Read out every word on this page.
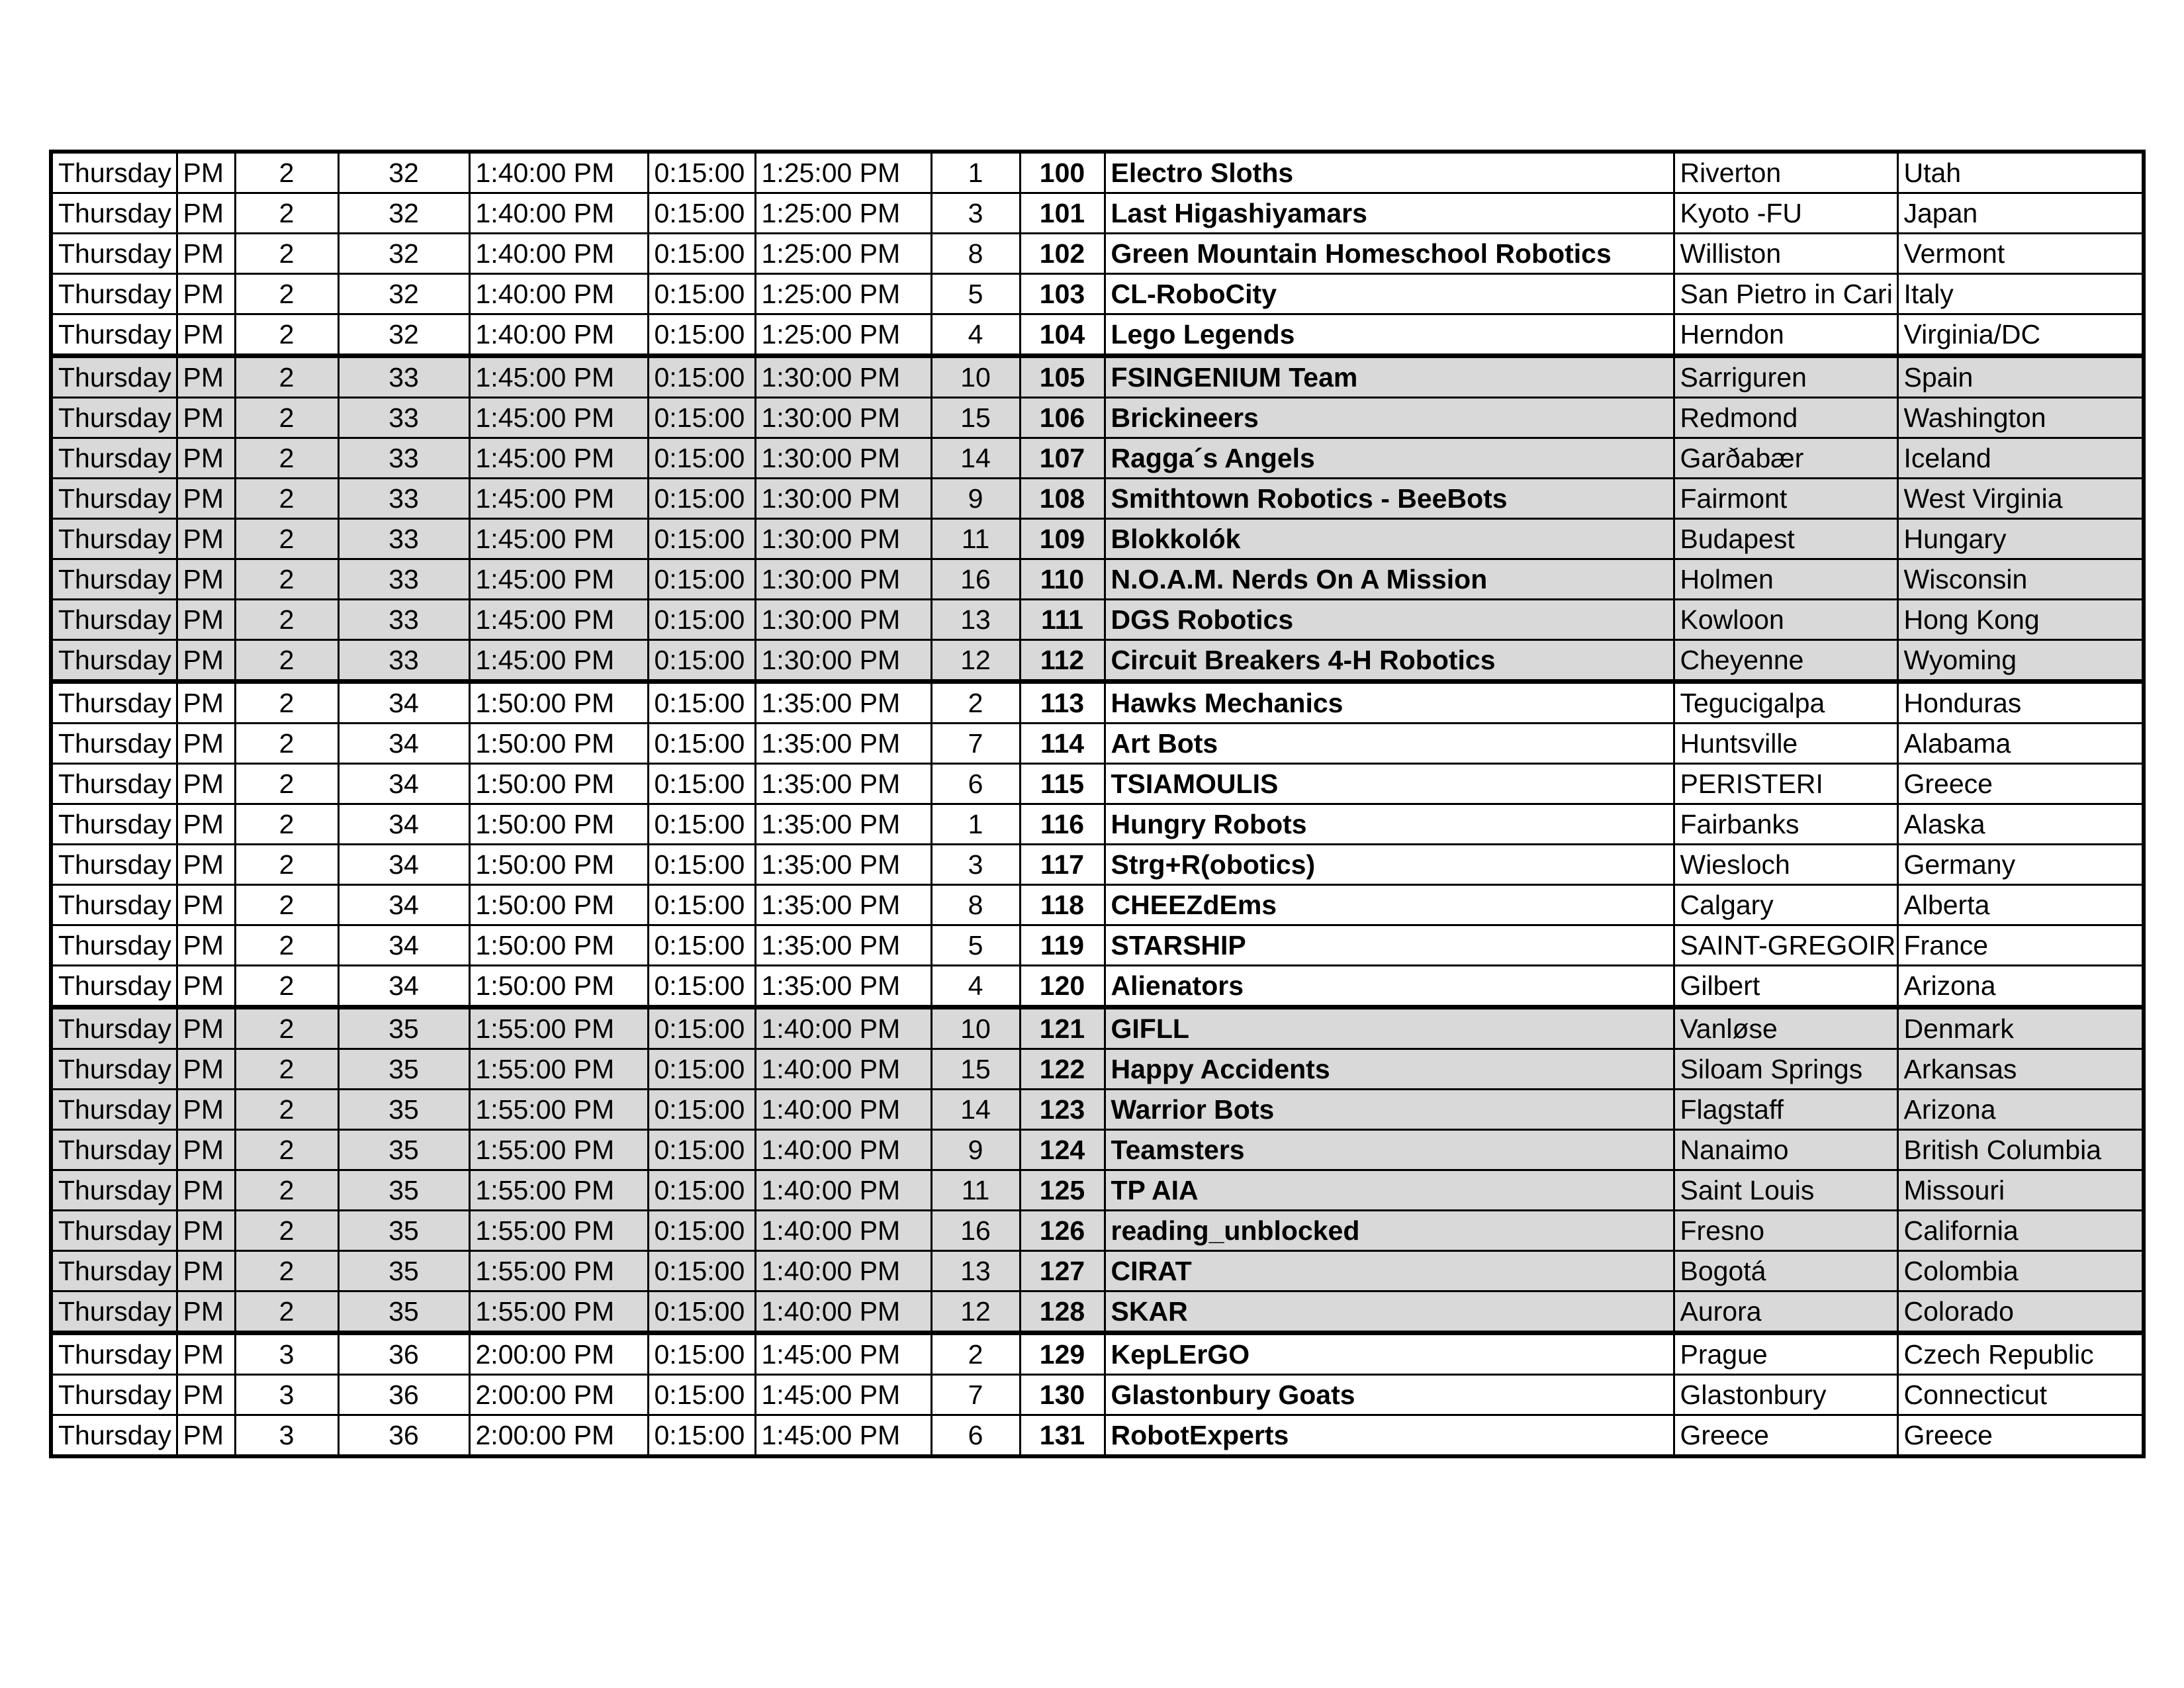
Thursday	PM	2	32	1:40:00 PM	0:15:00	1:25:00 PM	1	100	Electro Sloths	Riverton	Utah
Thursday	PM	2	32	1:40:00 PM	0:15:00	1:25:00 PM	3	101	Last Higashiyamars	Kyoto -FU	Japan
Thursday	PM	2	32	1:40:00 PM	0:15:00	1:25:00 PM	8	102	Green Mountain Homeschool Robotics	Williston	Vermont
Thursday	PM	2	32	1:40:00 PM	0:15:00	1:25:00 PM	5	103	CL-RoboCity	San Pietro in Cari	Italy
Thursday	PM	2	32	1:40:00 PM	0:15:00	1:25:00 PM	4	104	Lego Legends	Herndon	Virginia/DC
Thursday	PM	2	33	1:45:00 PM	0:15:00	1:30:00 PM	10	105	FSINGENIUM Team	Sarriguren	Spain
Thursday	PM	2	33	1:45:00 PM	0:15:00	1:30:00 PM	15	106	Brickineers	Redmond	Washington
Thursday	PM	2	33	1:45:00 PM	0:15:00	1:30:00 PM	14	107	Ragga´s Angels	Garðabær	Iceland
Thursday	PM	2	33	1:45:00 PM	0:15:00	1:30:00 PM	9	108	Smithtown Robotics - BeeBots	Fairmont	West Virginia
Thursday	PM	2	33	1:45:00 PM	0:15:00	1:30:00 PM	11	109	Blokkolók	Budapest	Hungary
Thursday	PM	2	33	1:45:00 PM	0:15:00	1:30:00 PM	16	110	N.O.A.M. Nerds On A Mission	Holmen	Wisconsin
Thursday	PM	2	33	1:45:00 PM	0:15:00	1:30:00 PM	13	111	DGS Robotics	Kowloon	Hong Kong
Thursday	PM	2	33	1:45:00 PM	0:15:00	1:30:00 PM	12	112	Circuit Breakers 4-H Robotics	Cheyenne	Wyoming
Thursday	PM	2	34	1:50:00 PM	0:15:00	1:35:00 PM	2	113	Hawks Mechanics	Tegucigalpa	Honduras
Thursday	PM	2	34	1:50:00 PM	0:15:00	1:35:00 PM	7	114	Art Bots	Huntsville	Alabama
Thursday	PM	2	34	1:50:00 PM	0:15:00	1:35:00 PM	6	115	TSIAMOULIS	PERISTERI	Greece
Thursday	PM	2	34	1:50:00 PM	0:15:00	1:35:00 PM	1	116	Hungry Robots	Fairbanks	Alaska
Thursday	PM	2	34	1:50:00 PM	0:15:00	1:35:00 PM	3	117	Strg+R(obotics)	Wiesloch	Germany
Thursday	PM	2	34	1:50:00 PM	0:15:00	1:35:00 PM	8	118	CHEEZdEms	Calgary	Alberta
Thursday	PM	2	34	1:50:00 PM	0:15:00	1:35:00 PM	5	119	STARSHIP	SAINT-GREGOIR	France
Thursday	PM	2	34	1:50:00 PM	0:15:00	1:35:00 PM	4	120	Alienators	Gilbert	Arizona
Thursday	PM	2	35	1:55:00 PM	0:15:00	1:40:00 PM	10	121	GIFLL	Vanløse	Denmark
Thursday	PM	2	35	1:55:00 PM	0:15:00	1:40:00 PM	15	122	Happy Accidents	Siloam Springs	Arkansas
Thursday	PM	2	35	1:55:00 PM	0:15:00	1:40:00 PM	14	123	Warrior Bots	Flagstaff	Arizona
Thursday	PM	2	35	1:55:00 PM	0:15:00	1:40:00 PM	9	124	Teamsters	Nanaimo	British Columbia
Thursday	PM	2	35	1:55:00 PM	0:15:00	1:40:00 PM	11	125	TP AIA	Saint Louis	Missouri
Thursday	PM	2	35	1:55:00 PM	0:15:00	1:40:00 PM	16	126	reading_unblocked	Fresno	California
Thursday	PM	2	35	1:55:00 PM	0:15:00	1:40:00 PM	13	127	CIRAT	Bogotá	Colombia
Thursday	PM	2	35	1:55:00 PM	0:15:00	1:40:00 PM	12	128	SKAR	Aurora	Colorado
Thursday	PM	3	36	2:00:00 PM	0:15:00	1:45:00 PM	2	129	KepLErGO	Prague	Czech Republic
Thursday	PM	3	36	2:00:00 PM	0:15:00	1:45:00 PM	7	130	Glastonbury Goats	Glastonbury	Connecticut
Thursday	PM	3	36	2:00:00 PM	0:15:00	1:45:00 PM	6	131	RobotExperts	Greece	Greece
